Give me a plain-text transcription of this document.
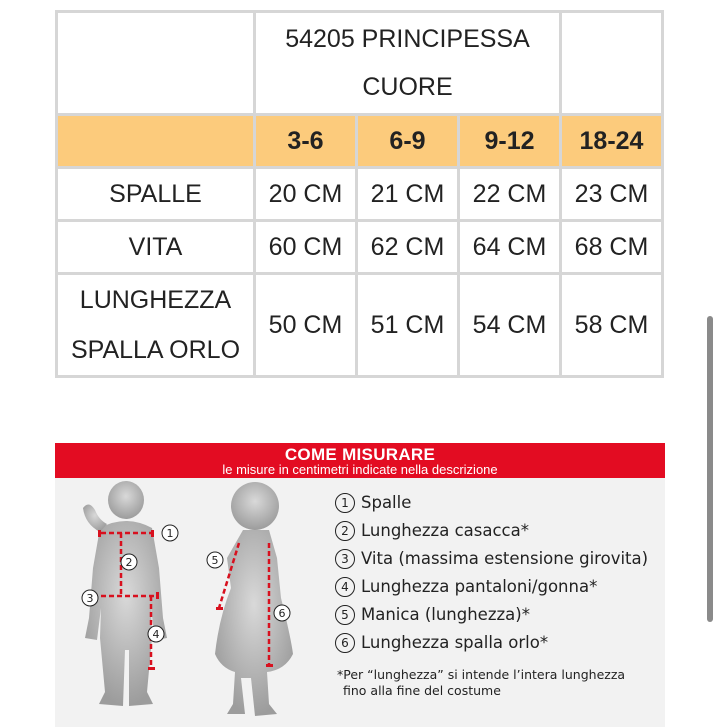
	54205 PRINCIPESSA
CUORE			

	3-6	6-9	9-12	18-24
SPALLE	20 CM	21 CM	22 CM	23 CM
VITA	60 CM	62 CM	64 CM	68 CM

LUNGHEZZA
SPALLA ORLO	50 CM	51 CM	54 CM	58 CM
COME MISURARE
le misure in centimetri indicate nella descrizione
1
2
3
4
5
6
1 Spalle
2 Lunghezza casacca*
3 Vita (massima estensione girovita)
4 Lunghezza pantaloni/gonna*
5 Manica (lunghezza)*
6 Lunghezza spalla orlo*
*Per “lunghezza” si intende l’intera lunghezza
fino alla fine del costume
